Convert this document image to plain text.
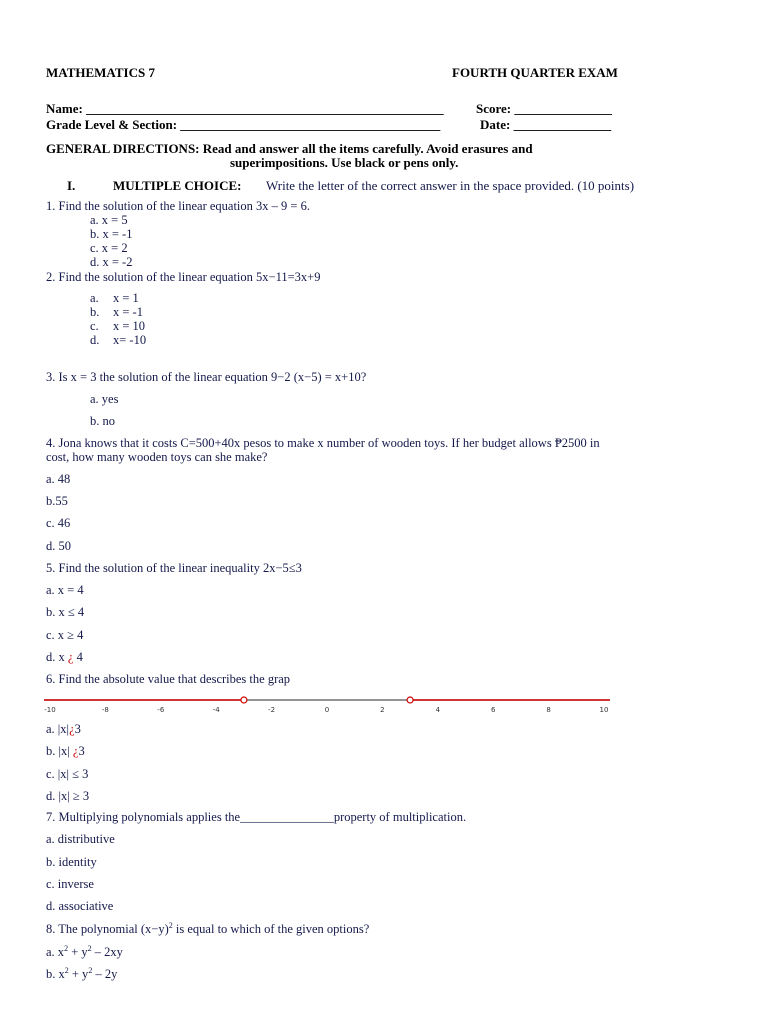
MATHEMATICS 7	FOURTH QUARTER EXAM
Name: _______________________________________________________ Score: _______________
Grade Level & Section: ________________________________________	Date: _______________
GENERAL DIRECTIONS: Read and answer all the items carefully. Avoid erasures and
superimpositions. Use black or pens only.
I.	MULTIPLE CHOICE: Write the letter of the correct answer in the space provided. (10 points)
1. Find the solution of the linear equation 3x – 9 = 6.
a. x = 5
b. x = -1
c. x = 2
d. x = -2
2. Find the solution of the linear equation 5x−11=3x+9
a. x = 1
b. x = -1
c. x = 10
d. x= -10
3. Is x = 3 the solution of the linear equation 9−2 (x−5) = x+10?
a. yes
b. no
4. Jona knows that it costs C=500+40x pesos to make x number of wooden toys. If her budget allows ₱2500 in
cost, how many wooden toys can she make?
a. 48
b.55
c. 46
d. 50
5. Find the solution of the linear inequality 2x−5≤3
a. x = 4
b. x ≤ 4
c. x ≥ 4
d. x ¿ 4
6. Find the absolute value that describes the grap
-10	-8	-6	-4	-2	0	2	4	6	8	10
a. |x|¿3
b. |x| ¿3
c. |x| ≤ 3
d. |x| ≥ 3
7. Multiplying polynomials applies the_______________property of multiplication.
a. distributive
b. identity
c. inverse
d. associative
8. The polynomial $(x-y)^2$ is equal to which of the given options?
a. $x^2 + y^2 - 2xy$
b. $x^2 + y^2 - 2y$
